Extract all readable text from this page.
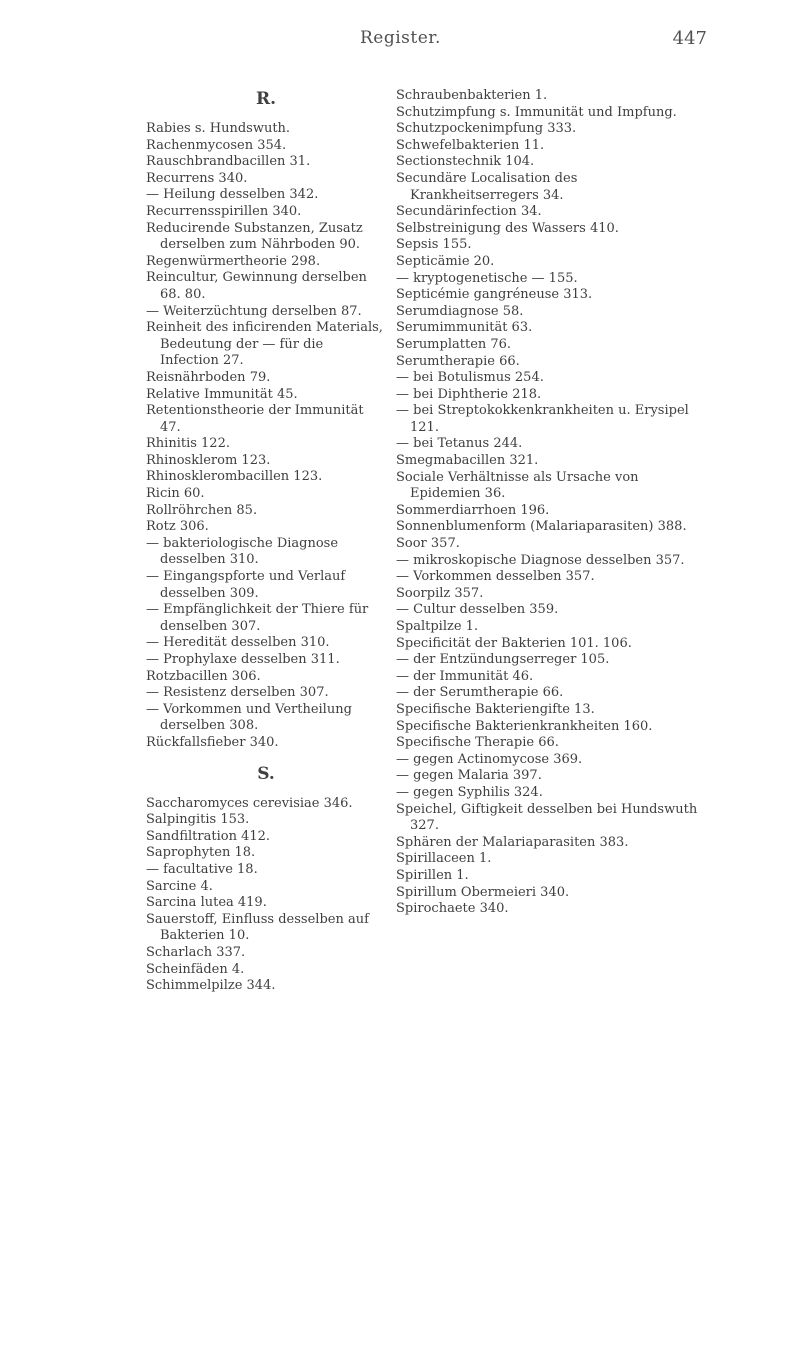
Register.	447
R.

Rabies s. Hundswuth.

Rachenmycosen 354.

Rauschbrandbacillen 31.

Recurrens 340.

— Heilung desselben 342.

Recurrensspirillen 340.

Reducirende Substanzen, Zusatz derselben zum Nährboden 90.

Regenwürmertheorie 298.

Reincultur, Gewinnung derselben 68. 80.

— Weiterzüchtung derselben 87.

Reinheit des inficirenden Materials, Bedeutung der — für die Infection 27.

Reisnährboden 79.

Relative Immunität 45.

Retentionstheorie der Immunität 47.

Rhinitis 122.

Rhinosklerom 123.

Rhinosklerombacillen 123.

Ricin 60.

Rollröhrchen 85.

Rotz 306.

— bakteriologische Diagnose desselben 310.

— Eingangspforte und Verlauf desselben 309.

— Empfänglichkeit der Thiere für denselben 307.

— Heredität desselben 310.

— Prophylaxe desselben 311.

Rotzbacillen 306.

— Resistenz derselben 307.

— Vorkommen und Vertheilung derselben 308.

Rückfallsfieber 340.

S.

Saccharomyces cerevisiae 346.

Salpingitis 153.

Sandfiltration 412.

Saprophyten 18.

— facultative 18.

Sarcine 4.

Sarcina lutea 419.

Sauerstoff, Einfluss desselben auf Bakterien 10.

Scharlach 337.

Scheinfäden 4.

Schimmelpilze 344.

Schraubenbakterien 1.

Schutzimpfung s. Immunität und Impfung.

Schutzpockenimpfung 333.

Schwefelbakterien 11.

Sectionstechnik 104.

Secundäre Localisation des Krankheitserregers 34.

Secundärinfection 34.

Selbstreinigung des Wassers 410.

Sepsis 155.

Septicämie 20.

— kryptogenetische — 155.

Septicémie gangréneuse 313.

Serumdiagnose 58.

Serumimmunität 63.

Serumplatten 76.

Serumtherapie 66.

— bei Botulismus 254.

— bei Diphtherie 218.

— bei Streptokokkenkrankheiten u. Erysipel 121.

— bei Tetanus 244.

Smegmabacillen 321.

Sociale Verhältnisse als Ursache von Epidemien 36.

Sommerdiarrhoen 196.

Sonnenblumenform (Malariaparasiten) 388.

Soor 357.

— mikroskopische Diagnose desselben 357.

— Vorkommen desselben 357.

Soorpilz 357.

— Cultur desselben 359.

Spaltpilze 1.

Specificität der Bakterien 101. 106.

— der Entzündungserreger 105.

— der Immunität 46.

— der Serumtherapie 66.

Specifische Bakteriengifte 13.

Specifische Bakterienkrankheiten 160.

Specifische Therapie 66.

— gegen Actinomycose 369.

— gegen Malaria 397.

— gegen Syphilis 324.

Speichel, Giftigkeit desselben bei Hundswuth 327.

Sphären der Malariaparasiten 383.

Spirillaceen 1.

Spirillen 1.

Spirillum Obermeieri 340.

Spirochaete 340.
